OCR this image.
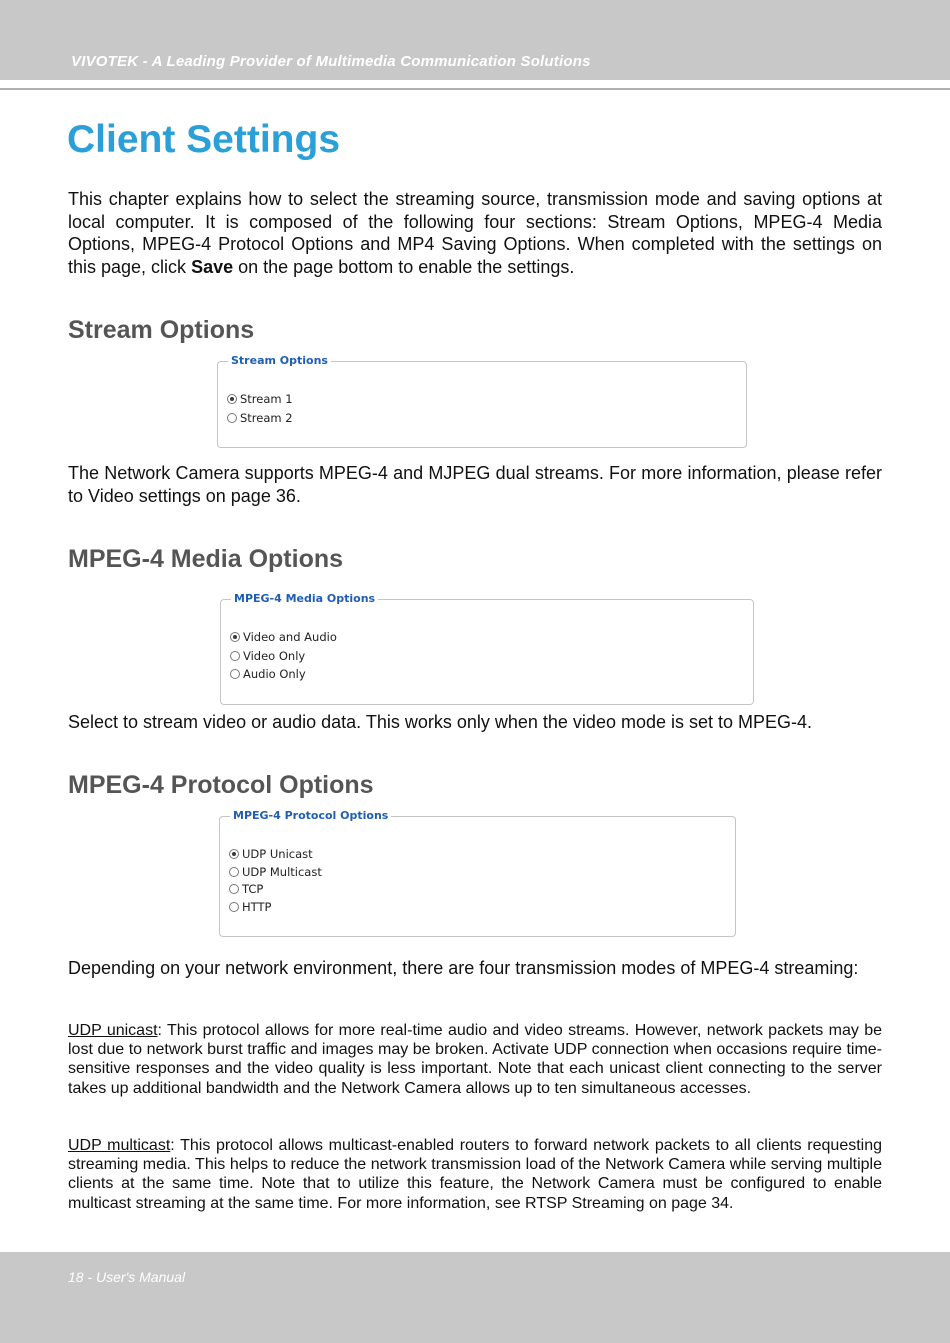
VIVOTEK - A Leading Provider of Multimedia Communication Solutions
Client Settings

This chapter explains how to select the streaming source, transmission mode and saving options at local computer. It is composed of the following four sections: Stream Options, MPEG-4 Media Options, MPEG-4 Protocol Options and MP4 Saving Options. When completed with the settings on this page, click Save on the page bottom to enable the settings.

Stream Options
Stream Options
Stream 1
Stream 2

The Network Camera supports MPEG-4 and MJPEG dual streams. For more information, please refer to Video settings on page 36.

MPEG-4 Media Options
MPEG-4 Media Options
Video and Audio
Video Only
Audio Only

Select to stream video or audio data. This works only when the video mode is set to MPEG-4.

MPEG-4 Protocol Options
MPEG-4 Protocol Options
UDP Unicast
UDP Multicast
TCP
HTTP

Depending on your network environment, there are four transmission modes of MPEG-4 streaming:

UDP unicast: This protocol allows for more real-time audio and video streams. However, network packets may be lost due to network burst traffic and images may be broken. Activate UDP connection when occasions require time-sensitive responses and the video quality is less important. Note that each unicast client connecting to the server takes up additional bandwidth and the Network Camera allows up to ten simultaneous accesses.

UDP multicast: This protocol allows multicast-enabled routers to forward network packets to all clients requesting streaming media. This helps to reduce the network transmission load of the Network Camera while serving multiple clients at the same time. Note that to utilize this feature, the Network Camera must be configured to enable multicast streaming at the same time. For more information, see RTSP Streaming on page 34.

18 - User's Manual
